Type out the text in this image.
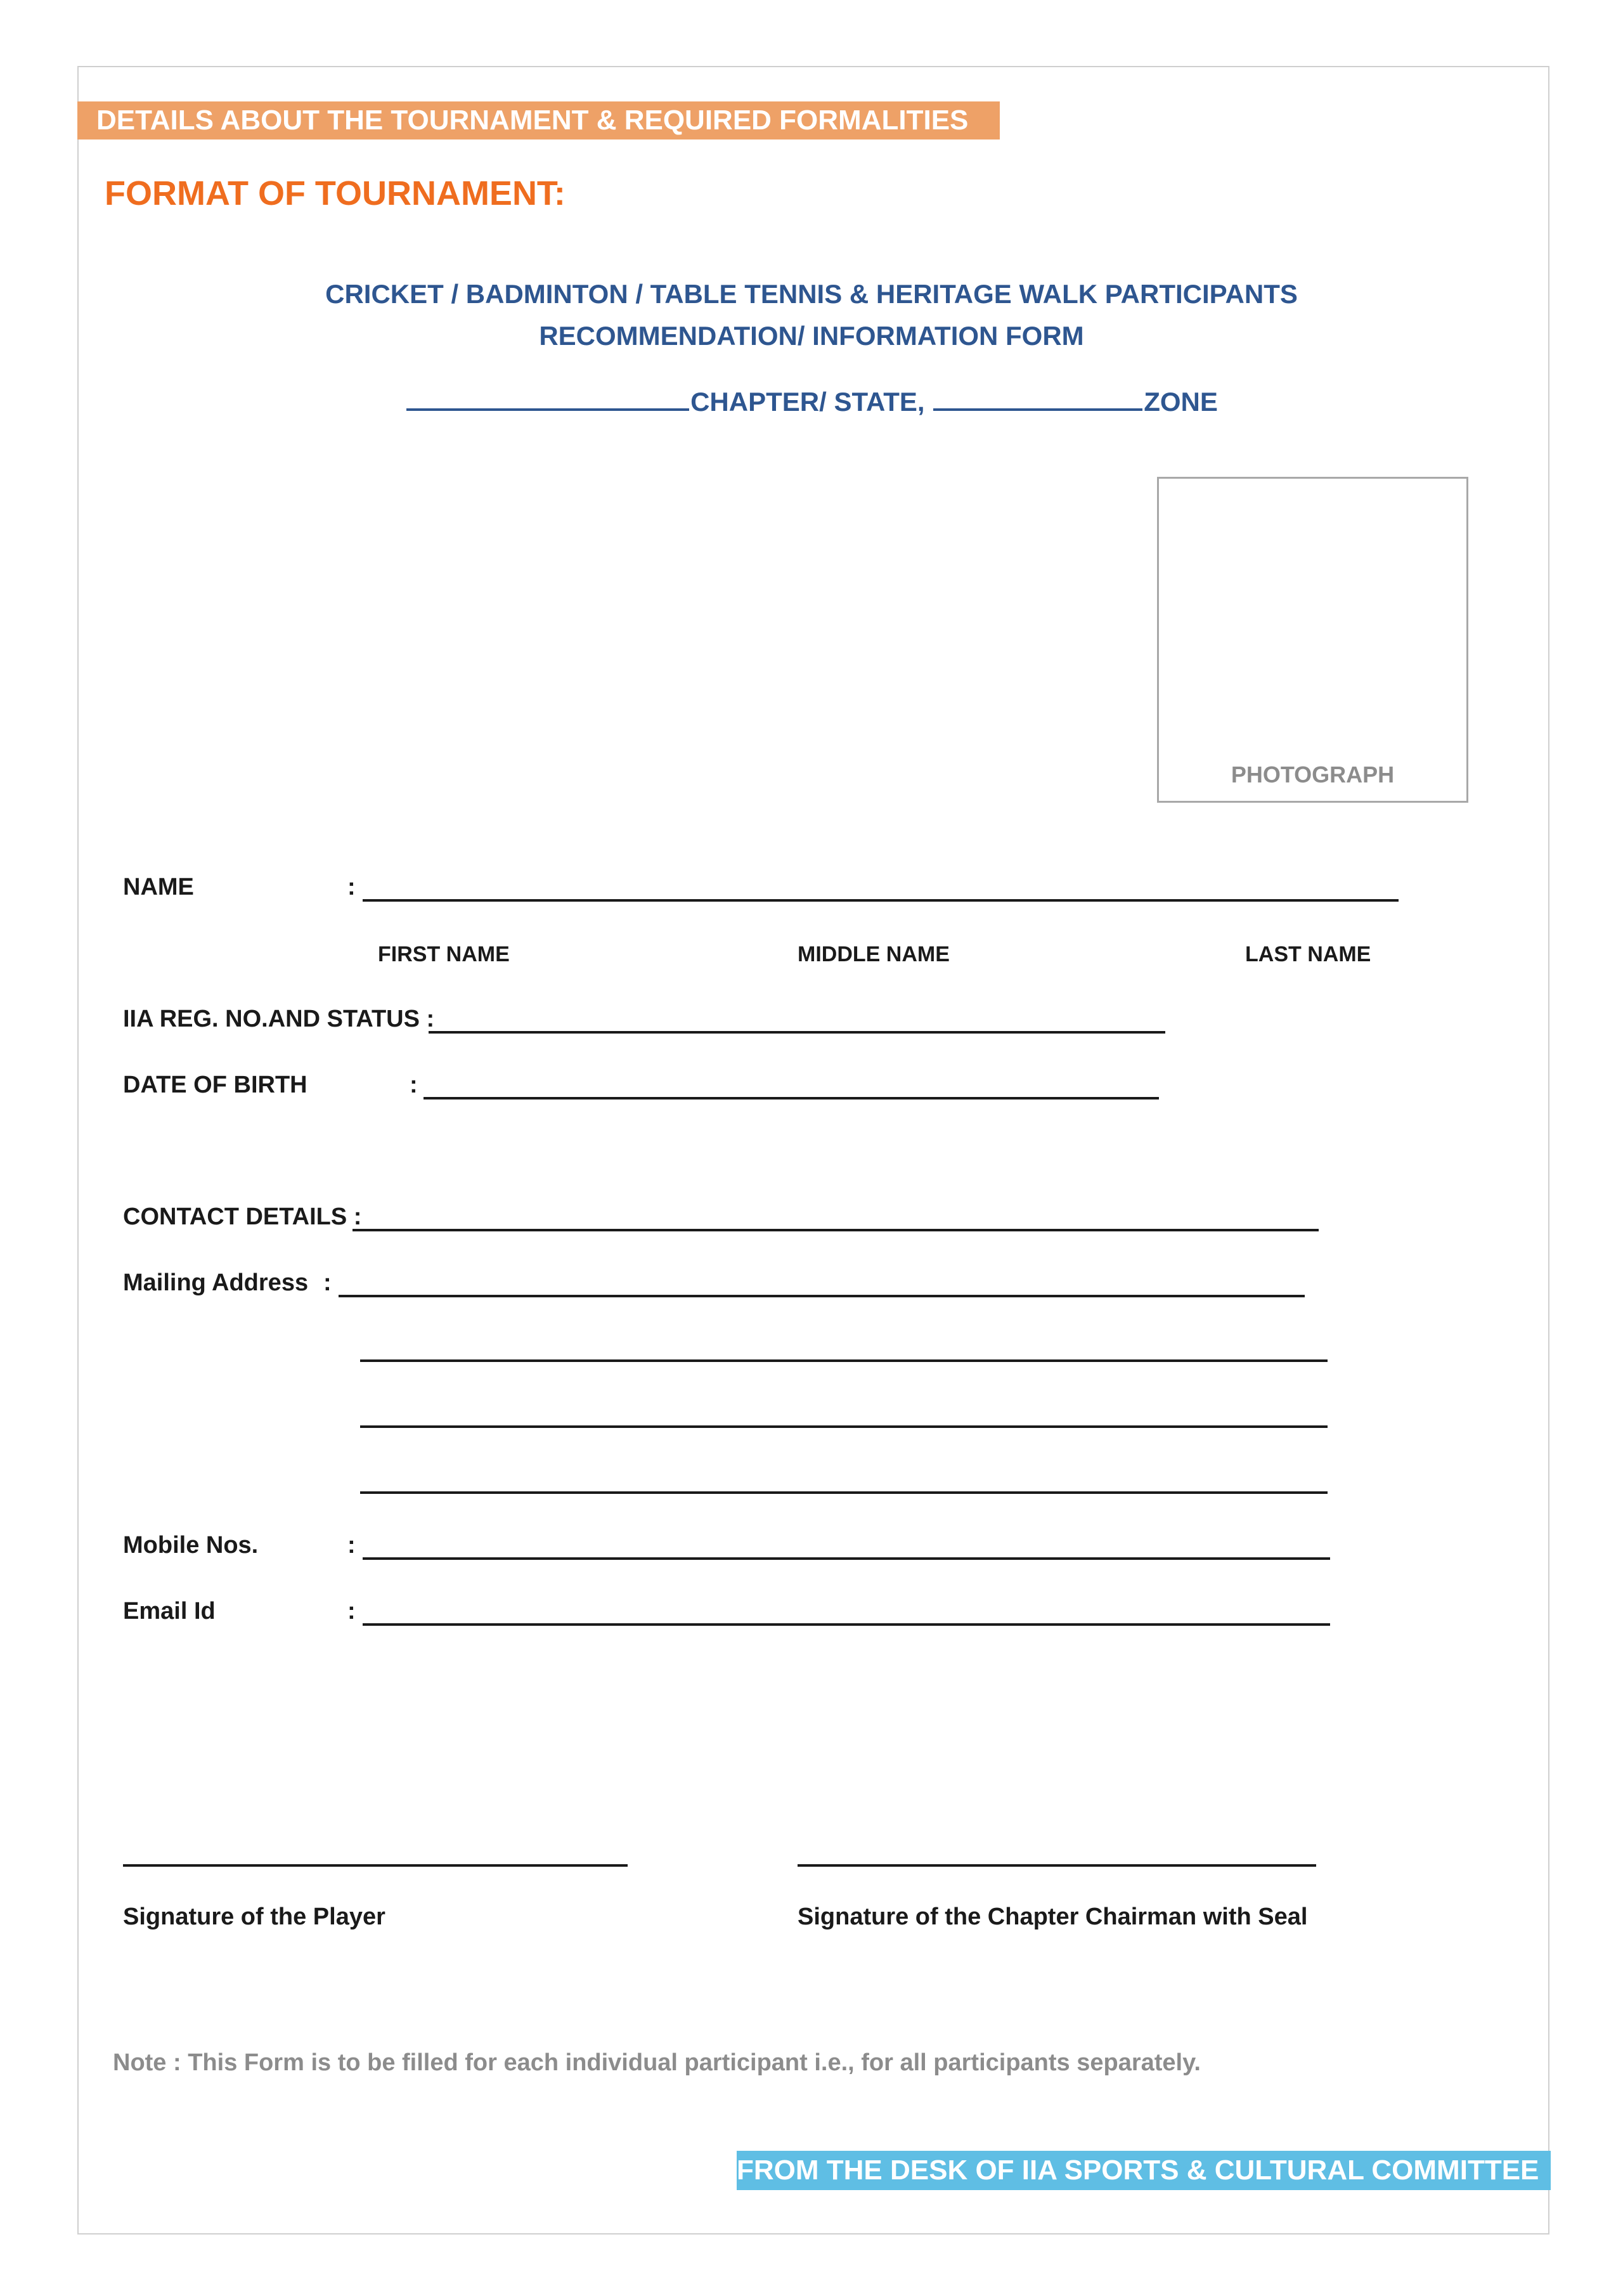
DETAILS ABOUT THE TOURNAMENT & REQUIRED FORMALITIES
FORMAT OF TOURNAMENT:
CRICKET / BADMINTON / TABLE TENNIS & HERITAGE WALK PARTICIPANTS
RECOMMENDATION/ INFORMATION FORM
CHAPTER/ STATE,	ZONE
PHOTOGRAPH
NAME	:
FIRST NAME	MIDDLE NAME	LAST NAME
IIA REG. NO.AND STATUS :
DATE OF BIRTH	:
CONTACT DETAILS :
Mailing Address :
Mobile Nos.	:
Email Id	:
Signature of the Player	Signature of the Chapter Chairman with Seal
Note : This Form is to be filled for each individual participant i.e., for all participants separately.
FROM THE DESK OF IIA SPORTS & CULTURAL COMMITTEE
